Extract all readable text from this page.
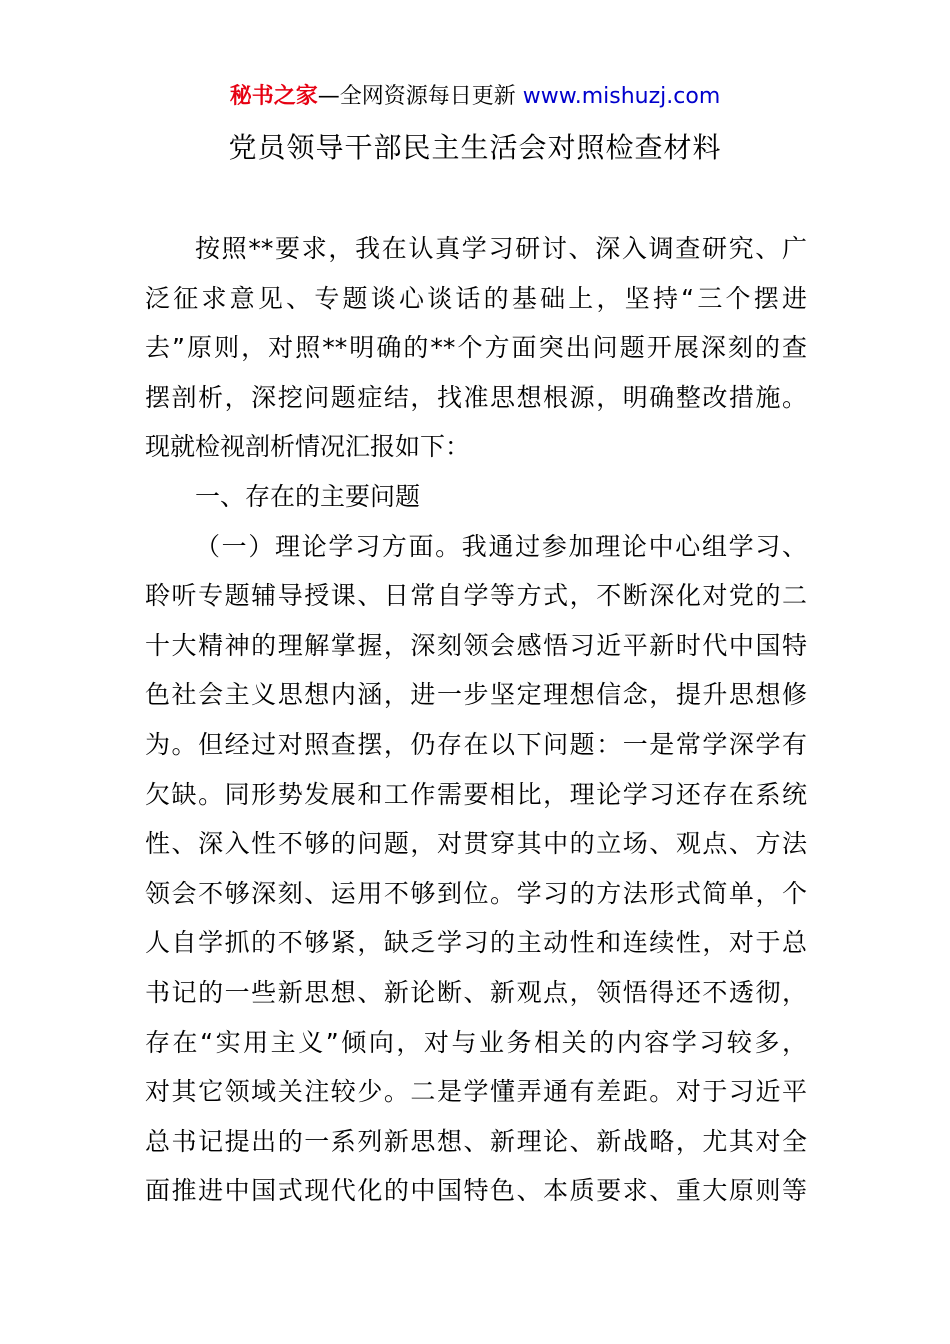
秘书之家—全网资源每日更新 www.mishuzj.com
党员领导干部民主生活会对照检查材料
按照**要求，我在认真学习研讨、深入调查研究、广
泛征求意见、专题谈心谈话的基础上，坚持“三个摆进
去”原则，对照**明确的**个方面突出问题开展深刻的查
摆剖析，深挖问题症结，找准思想根源，明确整改措施。
现就检视剖析情况汇报如下：
一、存在的主要问题
（一）理论学习方面。我通过参加理论中心组学习、
聆听专题辅导授课、日常自学等方式，不断深化对党的二
十大精神的理解掌握，深刻领会感悟习近平新时代中国特
色社会主义思想内涵，进一步坚定理想信念，提升思想修
为。但经过对照查摆，仍存在以下问题：一是常学深学有
欠缺。同形势发展和工作需要相比，理论学习还存在系统
性、深入性不够的问题，对贯穿其中的立场、观点、方法
领会不够深刻、运用不够到位。学习的方法形式简单，个
人自学抓的不够紧，缺乏学习的主动性和连续性，对于总
书记的一些新思想、新论断、新观点，领悟得还不透彻，
存在“实用主义”倾向，对与业务相关的内容学习较多，
对其它领域关注较少。二是学懂弄通有差距。对于习近平
总书记提出的一系列新思想、新理论、新战略，尤其对全
面推进中国式现代化的中国特色、本质要求、重大原则等
